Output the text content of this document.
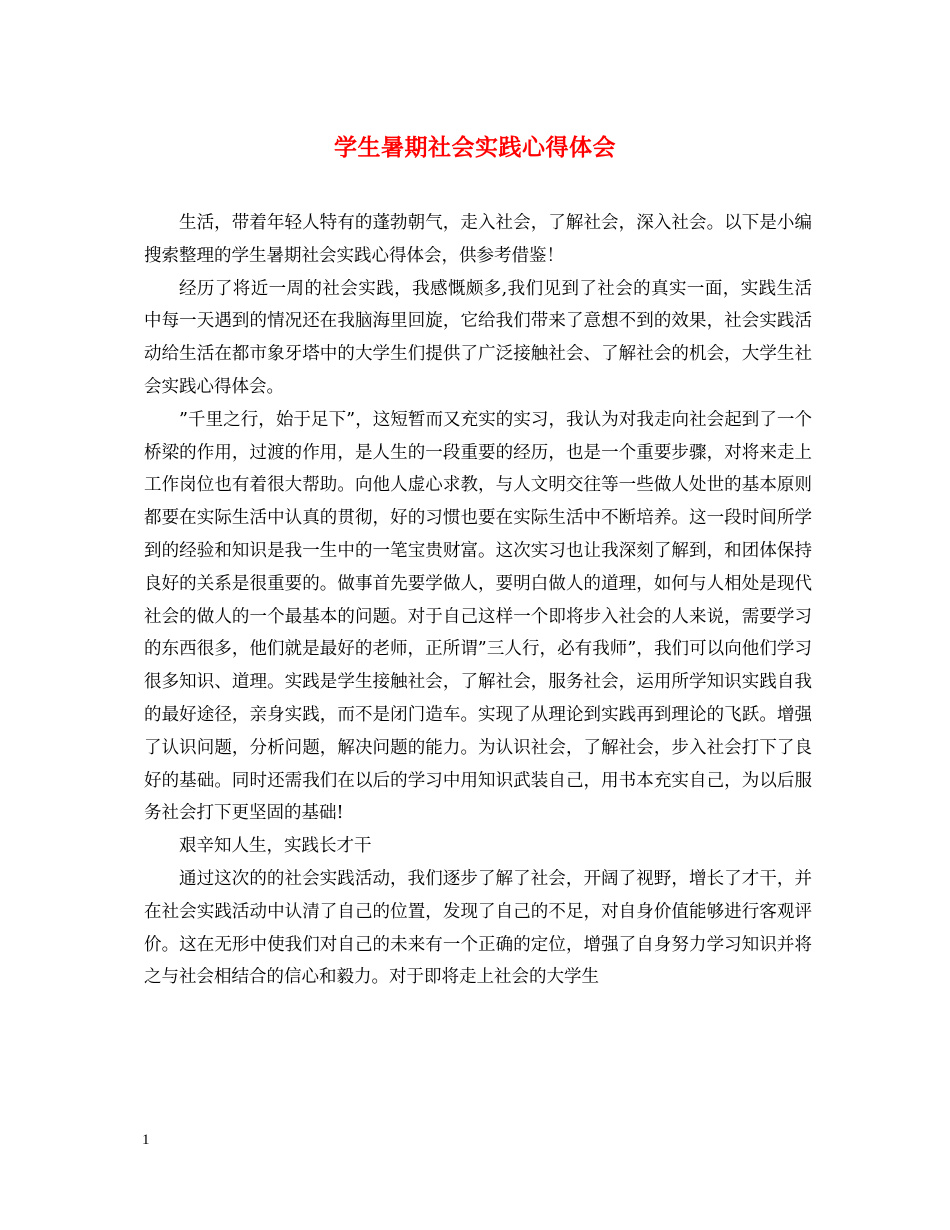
学生暑期社会实践心得体会

生活，带着年轻人特有的蓬勃朝气，走入社会，了解社会，深入社会。以下是小编搜索整理的学生暑期社会实践心得体会，供参考借鉴！

经历了将近一周的社会实践，我感慨颇多,我们见到了社会的真实一面，实践生活中每一天遇到的情况还在我脑海里回旋，它给我们带来了意想不到的效果，社会实践活动给生活在都市象牙塔中的大学生们提供了广泛接触社会、了解社会的机会，大学生社会实践心得体会。

”千里之行，始于足下”，这短暂而又充实的实习，我认为对我走向社会起到了一个桥梁的作用，过渡的作用，是人生的一段重要的经历，也是一个重要步骤，对将来走上工作岗位也有着很大帮助。向他人虚心求教，与人文明交往等一些做人处世的基本原则都要在实际生活中认真的贯彻，好的习惯也要在实际生活中不断培养。这一段时间所学到的经验和知识是我一生中的一笔宝贵财富。这次实习也让我深刻了解到，和团体保持良好的关系是很重要的。做事首先要学做人，要明白做人的道理，如何与人相处是现代社会的做人的一个最基本的问题。对于自己这样一个即将步入社会的人来说，需要学习的东西很多，他们就是最好的老师，正所谓”三人行，必有我师”，我们可以向他们学习很多知识、道理。实践是学生接触社会，了解社会，服务社会，运用所学知识实践自我的最好途径，亲身实践，而不是闭门造车。实现了从理论到实践再到理论的飞跃。增强了认识问题，分析问题，解决问题的能力。为认识社会，了解社会，步入社会打下了良好的基础。同时还需我们在以后的学习中用知识武装自己，用书本充实自己，为以后服务社会打下更坚固的基础!

艰辛知人生，实践长才干

通过这次的的社会实践活动，我们逐步了解了社会，开阔了视野，增长了才干，并在社会实践活动中认清了自己的位置，发现了自己的不足，对自身价值能够进行客观评价。这在无形中使我们对自己的未来有一个正确的定位，增强了自身努力学习知识并将之与社会相结合的信心和毅力。对于即将走上社会的大学生

1
